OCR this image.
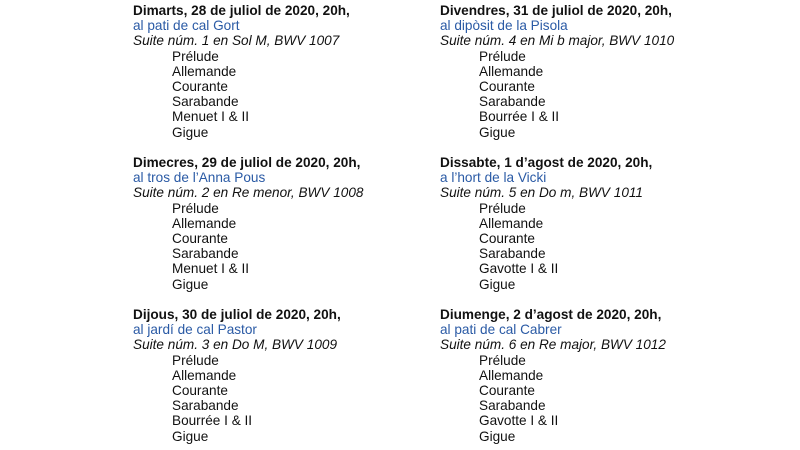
Dimarts, 28 de juliol de 2020, 20h,
al pati de cal Gort
Suite núm. 1 en Sol M, BWV 1007
Prélude
Allemande
Courante
Sarabande
Menuet I & II
Gigue
Dimecres, 29 de juliol de 2020, 20h,
al tros de l’Anna Pous
Suite núm. 2 en Re menor, BWV 1008
Prélude
Allemande
Courante
Sarabande
Menuet I & II
Gigue
Dijous, 30 de juliol de 2020, 20h,
al jardí de cal Pastor
Suite núm. 3 en Do M, BWV 1009
Prélude
Allemande
Courante
Sarabande
Bourrée I & II
Gigue
Divendres, 31 de juliol de 2020, 20h,
al dipòsit de la Pisola
Suite núm. 4 en Mi b major, BWV 1010
Prélude
Allemande
Courante
Sarabande
Bourrée I & II
Gigue
Dissabte, 1 d’agost de 2020, 20h,
a l’hort de la Vicki
Suite núm. 5 en Do m, BWV 1011
Prélude
Allemande
Courante
Sarabande
Gavotte I & II
Gigue
Diumenge, 2 d’agost de 2020, 20h,
al pati de cal Cabrer
Suite núm. 6 en Re major, BWV 1012
Prélude
Allemande
Courante
Sarabande
Gavotte I & II
Gigue
